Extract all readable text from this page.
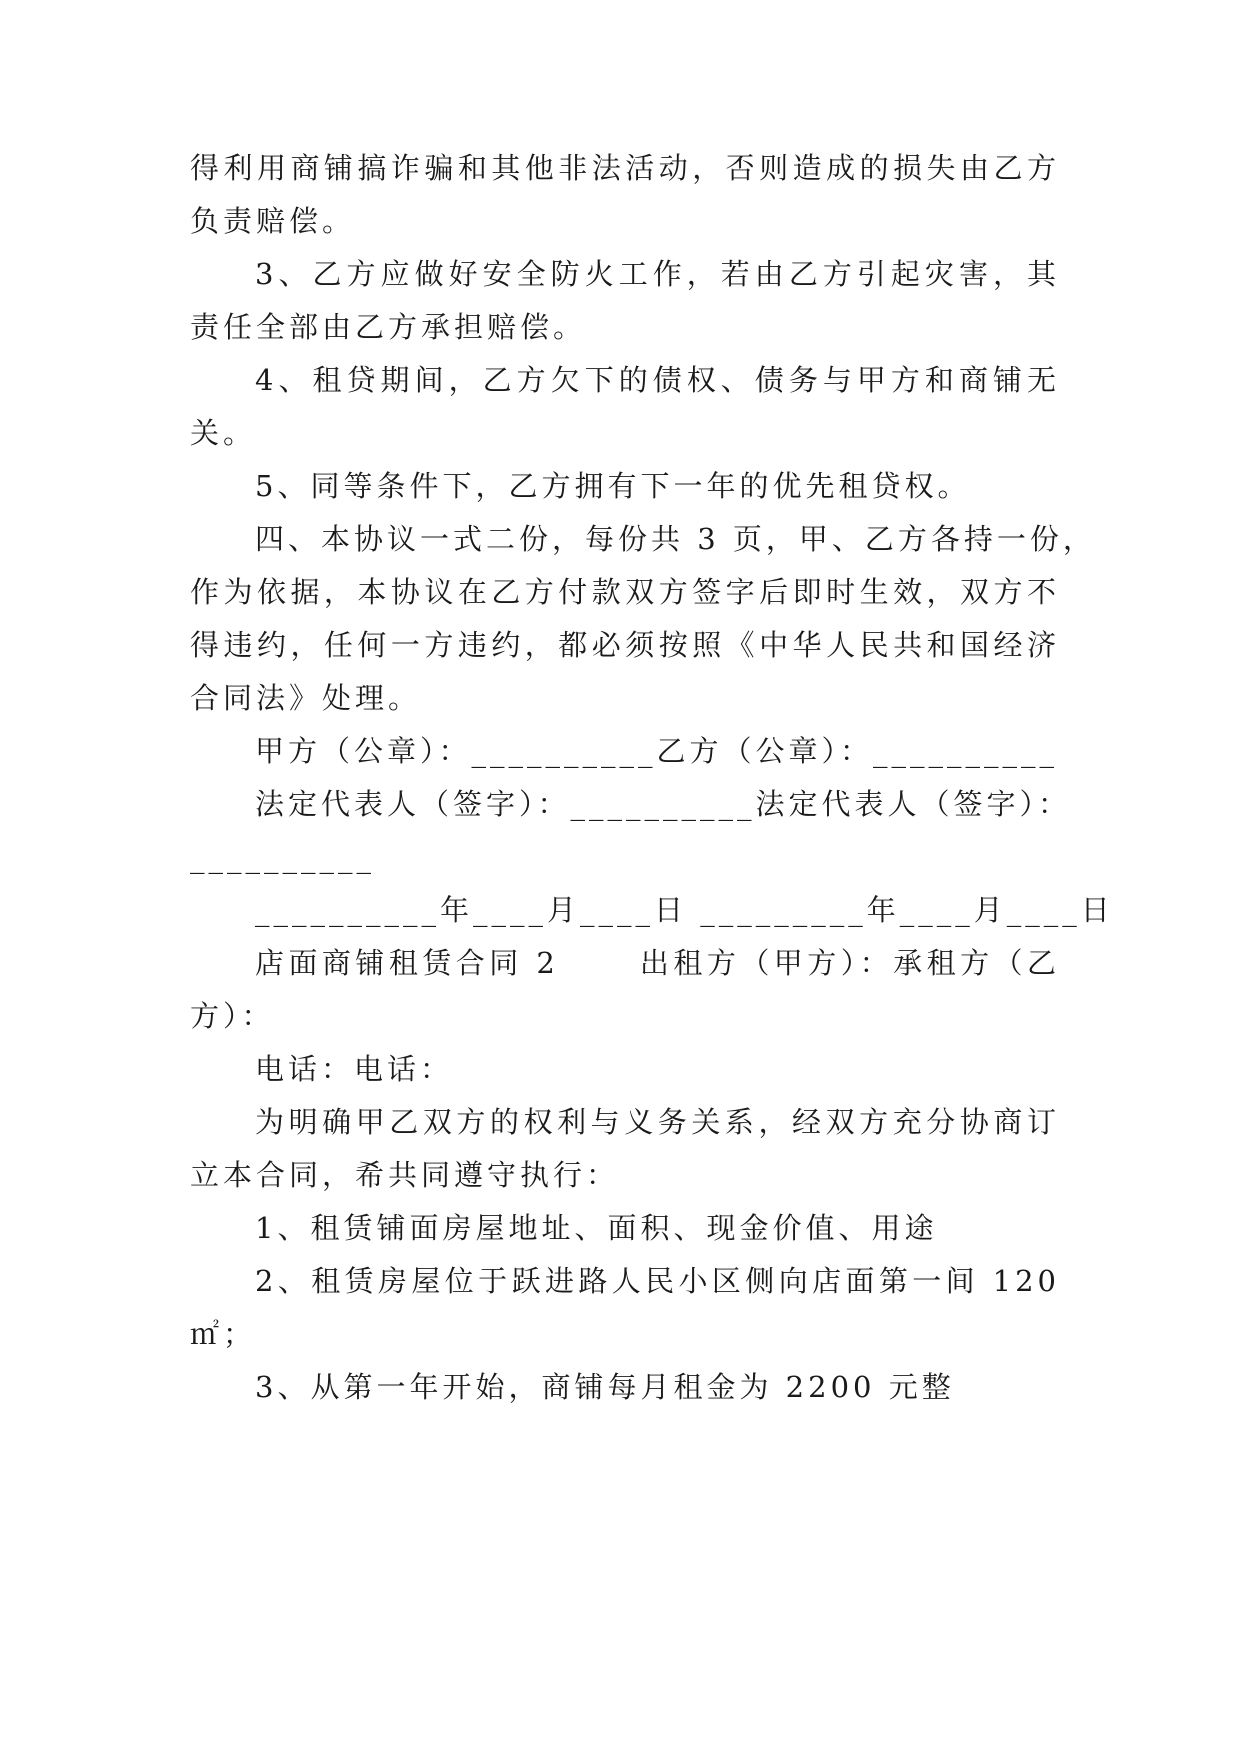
得利用商铺搞诈骗和其他非法活动，否则造成的损失由乙方
负责赔偿。
3、乙方应做好安全防火工作，若由乙方引起灾害，其
责任全部由乙方承担赔偿。
4、租贷期间，乙方欠下的债权、债务与甲方和商铺无
关。
5、同等条件下，乙方拥有下一年的优先租贷权。
四、本协议一式二份，每份共 3 页，甲、乙方各持一份，
作为依据，本协议在乙方付款双方签字后即时生效，双方不
得违约，任何一方违约，都必须按照《中华人民共和国经济
合同法》处理。
甲方（公章）：__________乙方（公章）：__________
法定代表人（签字）：__________法定代表人（签字）：
__________
__________年____月____日 _________年____月____日
店面商铺租赁合同 2　　 出租方（甲方）：承租方（乙
方）：
电话：电话：
为明确甲乙双方的权利与义务关系，经双方充分协商订
立本合同，希共同遵守执行：
1、租赁铺面房屋地址、面积、现金价值、用途
2、租赁房屋位于跃进路人民小区侧向店面第一间 120
㎡；
3、从第一年开始，商铺每月租金为 2200 元整
